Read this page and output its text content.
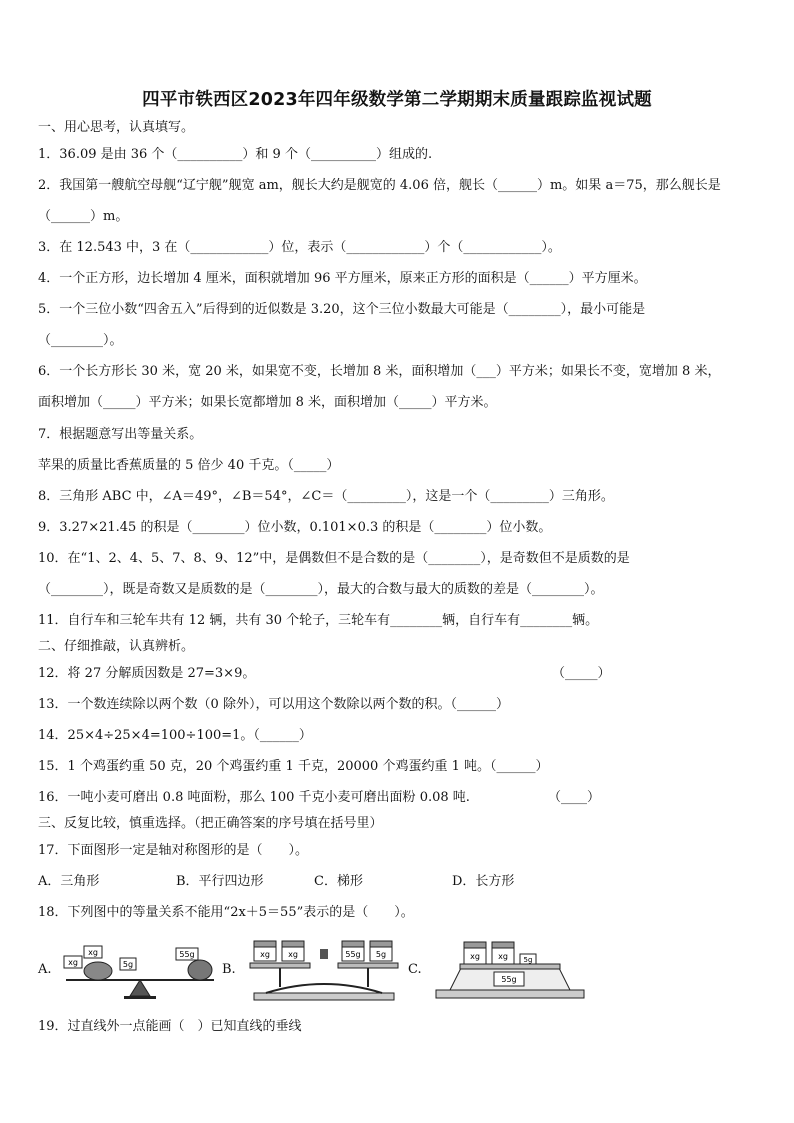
四平市铁西区2023年四年级数学第二学期期末质量跟踪监视试题
一、用心思考，认真填写。
1．36.09 是由 36 个（__________）和 9 个（__________）组成的.
2．我国第一艘航空母舰“辽宁舰”舰宽 am，舰长大约是舰宽的 4.06 倍，舰长（______）m。如果 a＝75，那么舰长是
（______）m。
3．在 12.543 中，3 在（____________）位，表示（____________）个（____________）。
4．一个正方形，边长增加 4 厘米，面积就增加 96 平方厘米，原来正方形的面积是（______）平方厘米。
5．一个三位小数“四舍五入”后得到的近似数是 3.20，这个三位小数最大可能是（________），最小可能是
（________）。
6．一个长方形长 30 米，宽 20 米，如果宽不变，长增加 8 米，面积增加（___）平方米；如果长不变，宽增加 8 米，
面积增加（_____）平方米；如果长宽都增加 8 米，面积增加（_____）平方米。
7．根据题意写出等量关系。
苹果的质量比香蕉质量的 5 倍少 40 千克。（_____）
8．三角形 ABC 中，∠A＝49°，∠B＝54°，∠C＝（_________），这是一个（_________）三角形。
9．3.27×21.45 的积是（________）位小数，0.101×0.3 的积是（________）位小数。
10．在“1、2、4、5、7、8、9、12”中，是偶数但不是合数的是（________），是奇数但不是质数的是
（________），既是奇数又是质数的是（________），最大的合数与最大的质数的差是（________）。
11．自行车和三轮车共有 12 辆，共有 30 个轮子，三轮车有________辆，自行车有________辆。
二、仔细推敲，认真辨析。
12．将 27 分解质因数是 27=3×9。	（_____）
13．一个数连续除以两个数（0 除外），可以用这个数除以两个数的积。（______）
14．25×4÷25×4=100÷100=1。（______）
15．1 个鸡蛋约重 50 克，20 个鸡蛋约重 1 千克，20000 个鸡蛋约重 1 吨。（______）
16．一吨小麦可磨出 0.8 吨面粉，那么 100 千克小麦可磨出面粉 0.08 吨.	（____）
三、反复比较，慎重选择。（把正确答案的序号填在括号里）
17．下面图形一定是轴对称图形的是（　　）。
A．三角形	B．平行四边形	C．梯形	D．长方形
18．下列图中的等量关系不能用“2x＋5＝55”表示的是（　　）。
A.	B.	C.
xg
xg
5g
55g	xg xg	55g 5g	xg xg 5g
55g
19．过直线外一点能画（　）已知直线的垂线
